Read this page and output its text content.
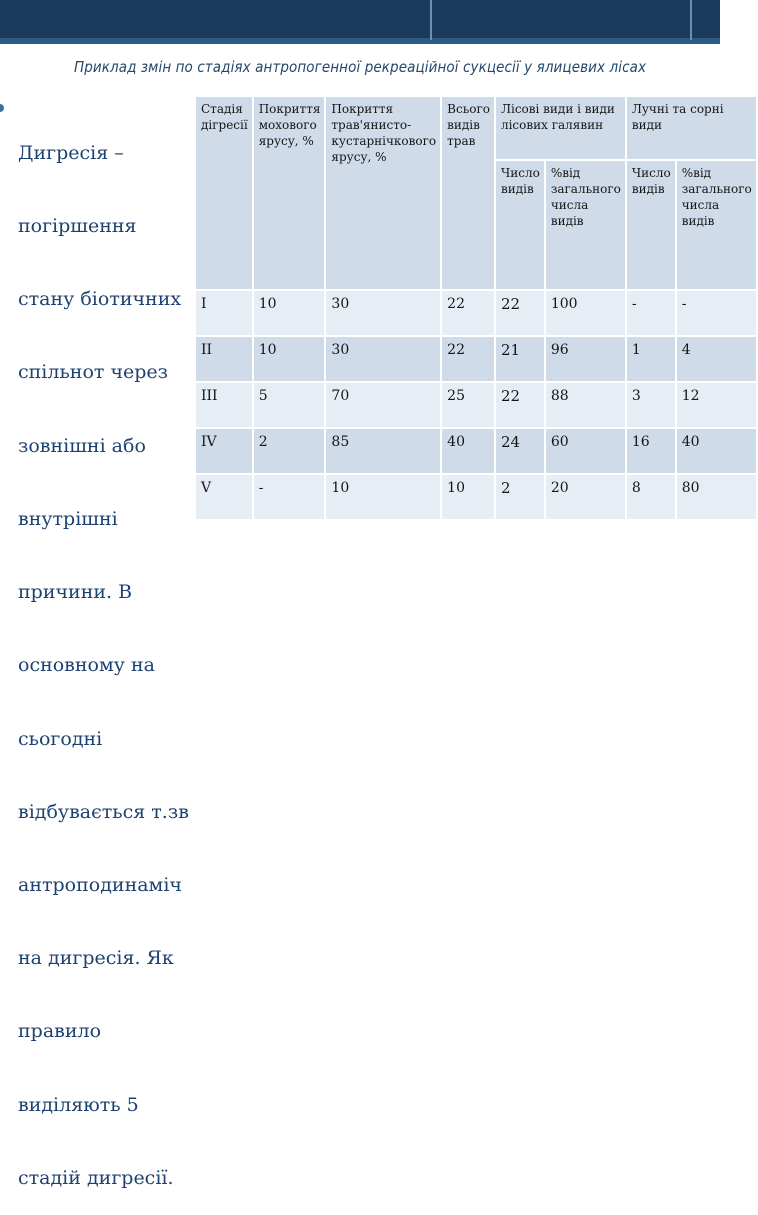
Приклад змін по стадіях антропогенної рекреаційної сукцесії у ялицевих лісах

Дигресія –

погіршення

стану біотичних

спільнот через

зовнішні або

внутрішні

причини. В

основному на

сьогодні

відбувається т.зв

антроподинаміч

на дигресія. Як

правило

виділяють 5

стадій дигресії.

Стадія дігресії	Покриття мохового ярусу, %	Покриття трав'янисто-кустарнічкового ярусу, %	Всього видів трав	Лісові види і види лісових галявин		Лучні та сорні види	
				Число видів	%від загального числа видів	Число видів	%від загального числа видів
I	10	30	22	22	100	-	-
II	10	30	22	21	96	1	4
III	5	70	25	22	88	3	12
IV	2	85	40	24	60	16	40
V	-	10	10	2	20	8	80
